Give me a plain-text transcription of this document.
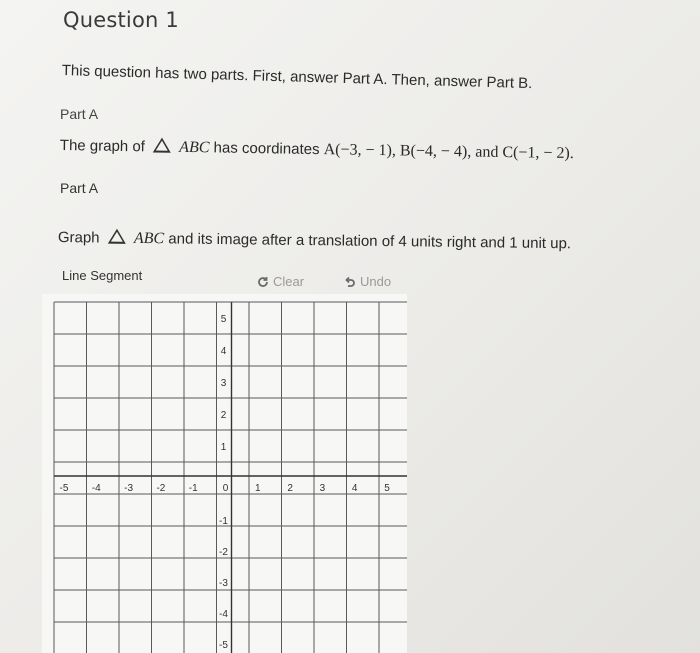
Question 1
This question has two parts. First, answer Part A. Then, answer Part B.
Part A
The graph of ABC has coordinates A(−3, − 1), B(−4, − 4), and C(−1, − 2).
Part A
Graph ABC and its image after a translation of 4 units right and 1 unit up.
Line Segment	Clear	Undo
-5 -4 -3 -2 -1	0	1	2	3	4	5
5
4
3
2
1
-1
-2
-3
-4
-5
